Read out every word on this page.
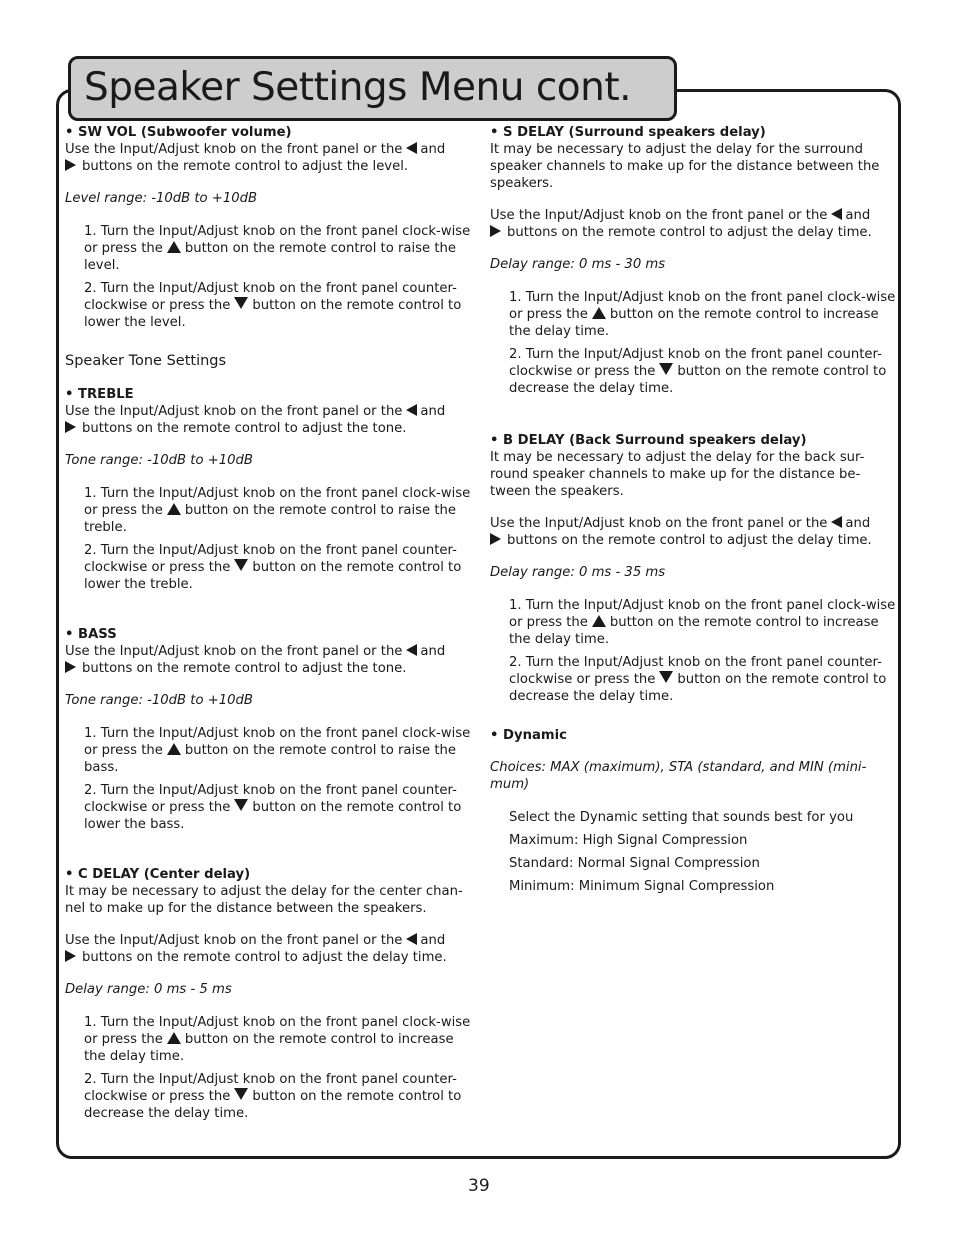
Speaker Settings Menu cont.
• SW VOL (Subwoofer volume)
Use the Input/Adjust knob on the front panel or the and
buttons on the remote control to adjust the level.
Level range: -10dB to +10dB
1. Turn the Input/Adjust knob on the front panel clock-wise or press the button on the remote control to raise the level.
2. Turn the Input/Adjust knob on the front panel counter-clockwise or press the button on the remote control to lower the level.
Speaker Tone Settings
• TREBLE
Use the Input/Adjust knob on the front panel or the and
buttons on the remote control to adjust the tone.
Tone range: -10dB to +10dB
1. Turn the Input/Adjust knob on the front panel clock-wise or press the button on the remote control to raise the treble.
2. Turn the Input/Adjust knob on the front panel counter-clockwise or press the button on the remote control to lower the treble.
• BASS
Use the Input/Adjust knob on the front panel or the and
buttons on the remote control to adjust the tone.
Tone range: -10dB to +10dB
1. Turn the Input/Adjust knob on the front panel clock-wise or press the button on the remote control to raise the bass.
2. Turn the Input/Adjust knob on the front panel counter-clockwise or press the button on the remote control to lower the bass.
• C DELAY (Center delay)
It may be necessary to adjust the delay for the center chan-nel to make up for the distance between the speakers.
Use the Input/Adjust knob on the front panel or the and
buttons on the remote control to adjust the delay time.
Delay range: 0 ms - 5 ms
1. Turn the Input/Adjust knob on the front panel clock-wise or press the button on the remote control to increase the delay time.
2. Turn the Input/Adjust knob on the front panel counter-clockwise or press the button on the remote control to decrease the delay time.
• S DELAY (Surround speakers delay)
It may be necessary to adjust the delay for the surround speaker channels to make up for the distance between the speakers.
Use the Input/Adjust knob on the front panel or the and
buttons on the remote control to adjust the delay time.
Delay range: 0 ms - 30 ms
1. Turn the Input/Adjust knob on the front panel clock-wise or press the button on the remote control to increase the delay time.
2. Turn the Input/Adjust knob on the front panel counter-clockwise or press the button on the remote control to decrease the delay time.
• B DELAY (Back Surround speakers delay)
It may be necessary to adjust the delay for the back sur-round speaker channels to make up for the distance be-tween the speakers.
Use the Input/Adjust knob on the front panel or the and
buttons on the remote control to adjust the delay time.
Delay range: 0 ms - 35 ms
1. Turn the Input/Adjust knob on the front panel clock-wise or press the button on the remote control to increase the delay time.
2. Turn the Input/Adjust knob on the front panel counter-clockwise or press the button on the remote control to decrease the delay time.
• Dynamic
Choices: MAX (maximum), STA (standard, and MIN (mini-mum)
Select the Dynamic setting that sounds best for you
Maximum: High Signal Compression
Standard: Normal Signal Compression
Minimum: Minimum Signal Compression
39
